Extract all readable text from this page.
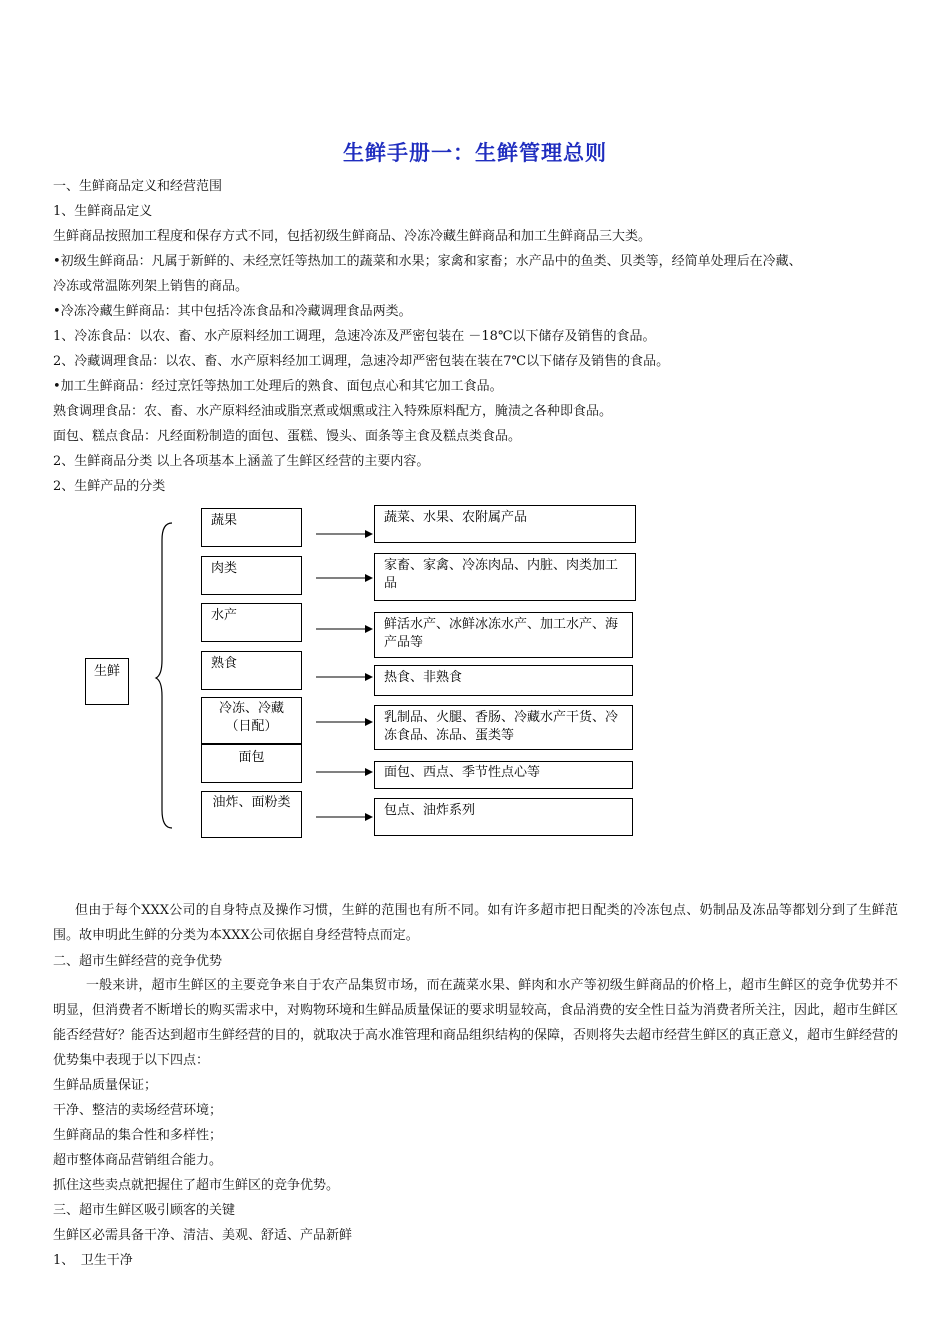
生鲜手册一：生鲜管理总则
一、生鲜商品定义和经营范围
1、生鲜商品定义
生鲜商品按照加工程度和保存方式不同，包括初级生鲜商品、冷冻冷藏生鲜商品和加工生鲜商品三大类。
•初级生鲜商品：凡属于新鲜的、未经烹饪等热加工的蔬菜和水果；家禽和家畜；水产品中的鱼类、贝类等，经简单处理后在冷藏、
冷冻或常温陈列架上销售的商品。
•冷冻冷藏生鲜商品：其中包括冷冻食品和冷藏调理食品两类。
1、冷冻食品：以农、畜、水产原料经加工调理，急速冷冻及严密包装在 －18℃以下储存及销售的食品。
2、冷藏调理食品：以农、畜、水产原料经加工调理，急速冷却严密包装在装在7℃以下储存及销售的食品。
•加工生鲜商品：经过烹饪等热加工处理后的熟食、面包点心和其它加工食品。
熟食调理食品：农、畜、水产原料经油或脂烹煮或烟熏或注入特殊原料配方，腌渍之各种即食品。
面包、糕点食品：凡经面粉制造的面包、蛋糕、馒头、面条等主食及糕点类食品。
2、生鲜商品分类 以上各项基本上涵盖了生鲜区经营的主要内容。
2、生鲜产品的分类
生鲜
蔬果
肉类
水产
熟食
冷冻、冷藏（日配）
面包
油炸、面粉类
蔬菜、水果、农附属产品
家畜、家禽、冷冻肉品、内脏、肉类加工品
鲜活水产、冰鲜冰冻水产、加工水产、海产品等
热食、非熟食
乳制品、火腿、香肠、冷藏水产干货、冷冻食品、冻品、蛋类等
面包、西点、季节性点心等
包点、油炸系列
但由于每个XXX公司的自身特点及操作习惯，生鲜的范围也有所不同。如有许多超市把日配类的冷冻包点、奶制品及冻品等都划分到了生鲜范围。故申明此生鲜的分类为本XXX公司依据自身经营特点而定。
二、超市生鲜经营的竞争优势
一般来讲，超市生鲜区的主要竞争来自于农产品集贸市场，而在蔬菜水果、鲜肉和水产等初级生鲜商品的价格上，超市生鲜区的竞争优势并不明显，但消费者不断增长的购买需求中，对购物环境和生鲜品质量保证的要求明显较高，食品消费的安全性日益为消费者所关注，因此，超市生鲜区能否经营好？能否达到超市生鲜经营的目的，就取决于高水准管理和商品组织结构的保障，否则将失去超市经营生鲜区的真正意义，超市生鲜经营的优势集中表现于以下四点：
生鲜品质量保证；
干净、整洁的卖场经营环境；
生鲜商品的集合性和多样性；
超市整体商品营销组合能力。
抓住这些卖点就把握住了超市生鲜区的竞争优势。
三、超市生鲜区吸引顾客的关键
生鲜区必需具备干净、清洁、美观、舒适、产品新鲜
1、　卫生干净
